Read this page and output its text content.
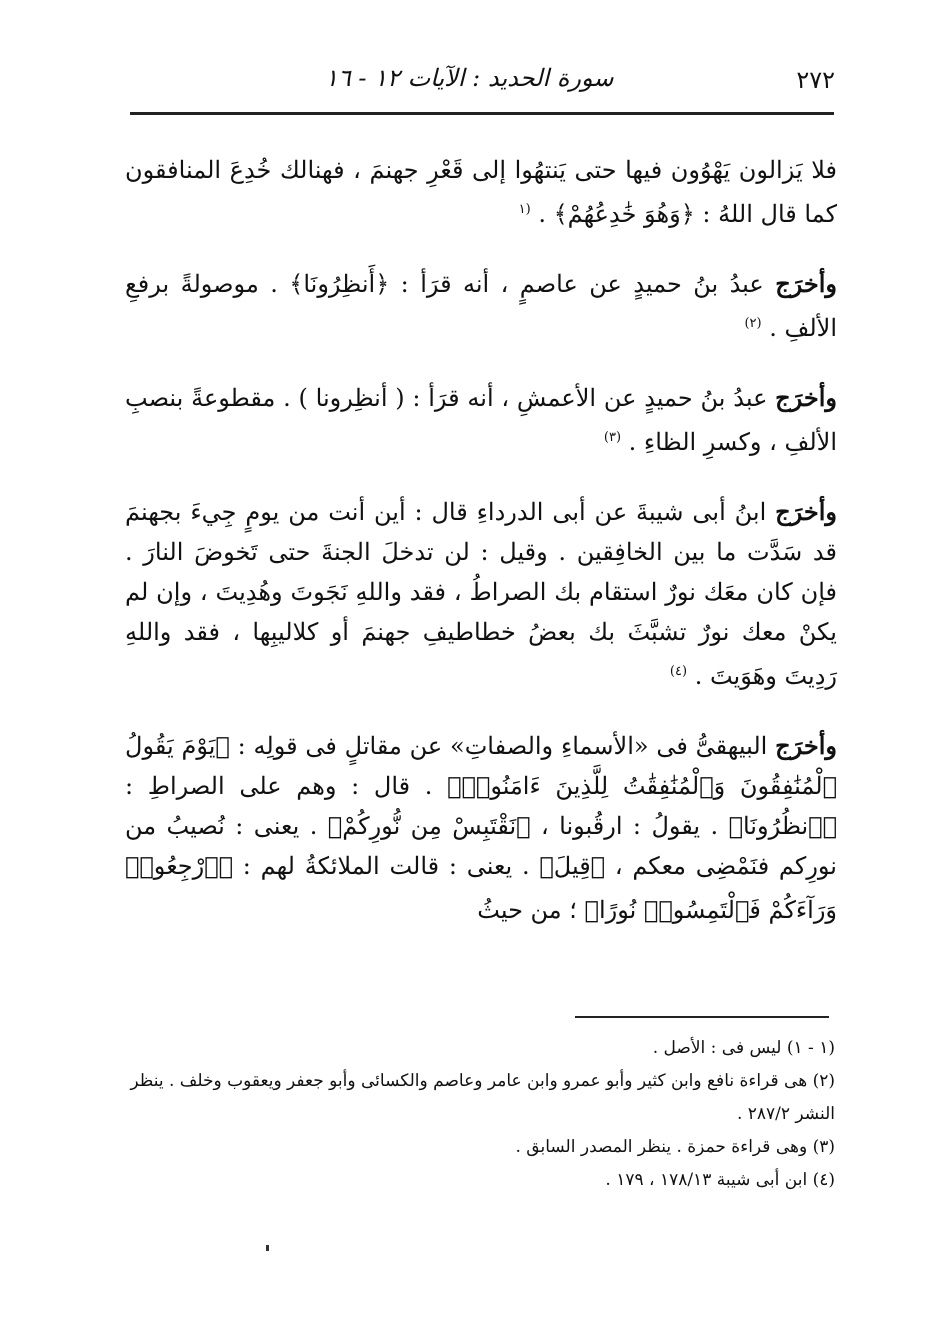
٢٧٢
سورة الحديد : الآيات ١٢ - ١٦

فلا يَزالون يَهْوُون فيها حتى يَنتهُوا إلى قَعْرِ جهنمَ ، فهنالك خُدِعَ المنافقون كما قال اللهُ : ﴿وَهُوَ خَٰدِعُهُمْ﴾ . $^{(١}$

وأخرَج عبدُ بنُ حميدٍ عن عاصمٍ ، أنه قرَأ : ﴿أَنظِرُونَا﴾ . موصولةً برفعِ الألفِ . $^{(٢)}$

وأخرَج عبدُ بنُ حميدٍ عن الأعمشِ ، أنه قرَأ : ( أنظِرونا ) . مقطوعةً بنصبِ الألفِ ، وكسرِ الظاءِ . $^{(٣)}$

وأخرَج ابنُ أبى شيبةَ عن أبى الدرداءِ قال : أين أنت من يومٍ جِيءَ بجهنمَ قد سَدَّت ما بين الخافِقين . وقيل : لن تدخلَ الجنةَ حتى تَخوضَ النارَ . فإن كان معَك نورٌ استقام بك الصراطُ ، فقد واللهِ نَجَوتَ وهُدِيتَ ، وإن لم يكنْ معك نورٌ تشبَّثَ بك بعضُ خطاطيفِ جهنمَ أو كلاليبِها ، فقد واللهِ رَدِيتَ وهَوَيتَ . $^{(٤)}$

وأخرَج البيهقىُّ فى «الأسماءِ والصفاتِ» عن مقاتلٍ فى قولِه : ﴿يَوْمَ يَقُولُ ٱلْمُنَٰفِقُونَ وَٱلْمُنَٰفِقَٰتُ لِلَّذِينَ ءَامَنُوا۟﴾ . قال : وهم على الصراطِ : ﴿ٱنظُرُونَا﴾ . يقولُ : ارقُبونا ، ﴿نَقْتَبِسْ مِن نُّورِكُمْ﴾ . يعنى : نُصيبُ من نورِكم فنَمْضِى معكم ، ﴿قِيلَ﴾ . يعنى : قالت الملائكةُ لهم : ﴿ٱرْجِعُوا۟ وَرَآءَكُمْ فَٱلْتَمِسُوا۟ نُورًا﴾ ؛ من حيثُ

(١ - ١) ليس فى : الأصل .
(٢) هى قراءة نافع وابن كثير وأبو عمرو وابن عامر وعاصم والكسائى وأبو جعفر ويعقوب وخلف . ينظر النشر ٢٨٧/٢ .
(٣) وهى قراءة حمزة . ينظر المصدر السابق .
(٤) ابن أبى شيبة ١٧٨/١٣ ، ١٧٩ .
